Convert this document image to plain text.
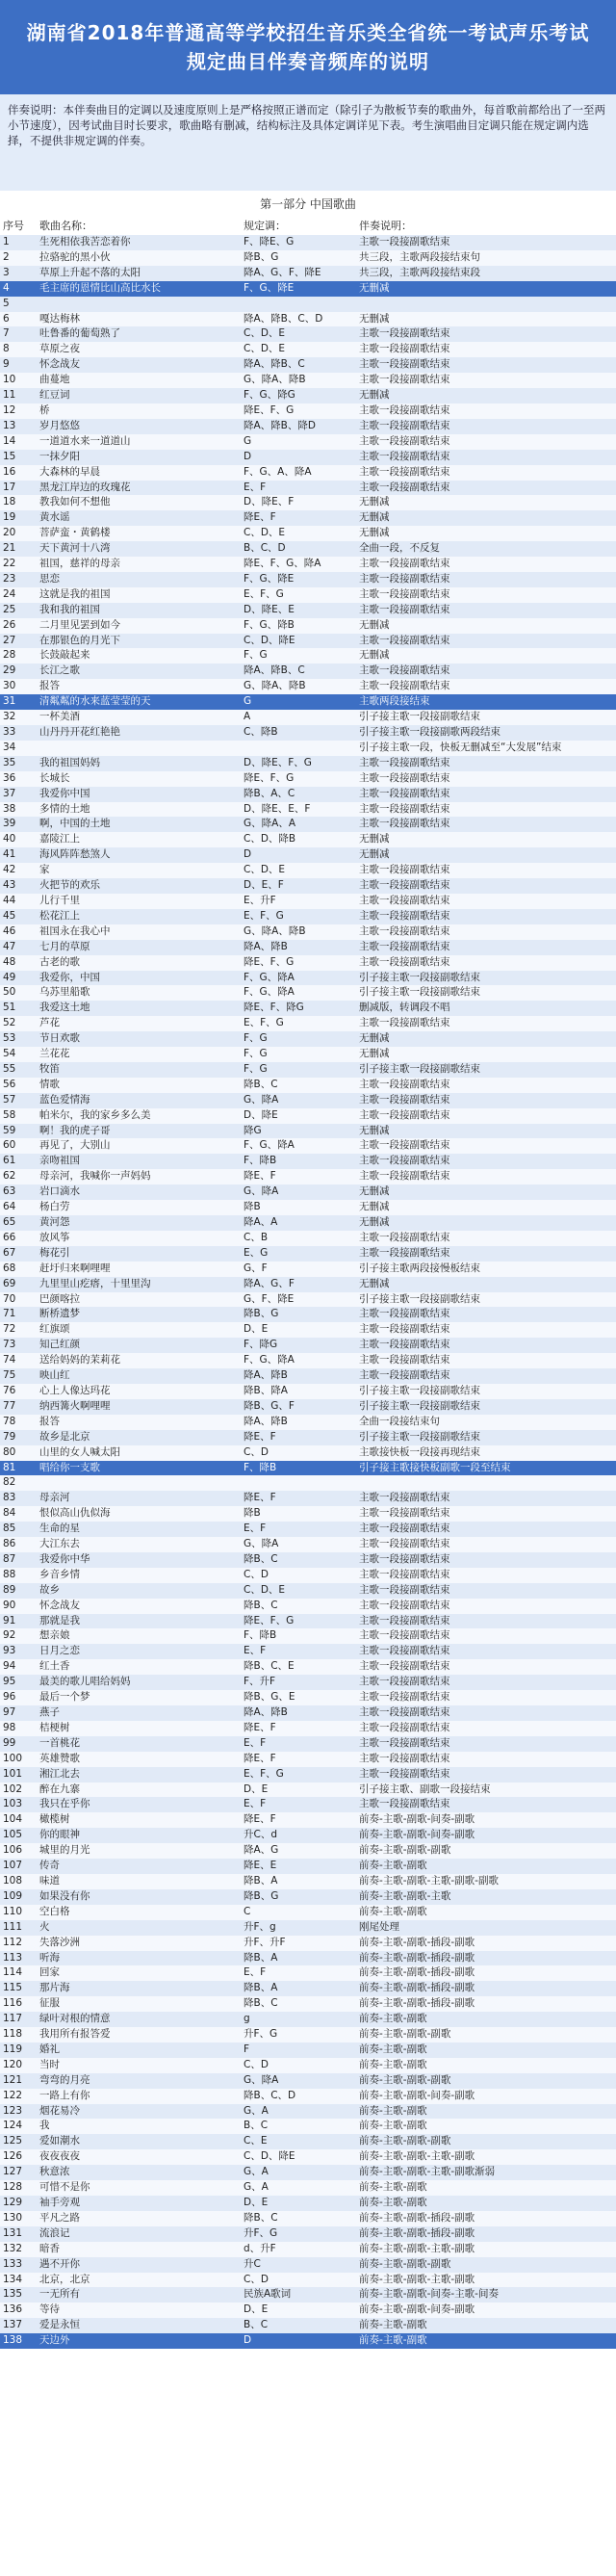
湖南省2018年普通高等学校招生音乐类全省统一考试声乐考试
规定曲目伴奏音频库的说明
伴奏说明：本伴奏曲目的定调以及速度原则上是严格按照正谱而定（除引子为散板节奏的歌曲外，每首歌前都给出了一至两小节速度），因考试曲目时长要求，歌曲略有删减，结构标注及具体定调详见下表。考生演唱曲目定调只能在规定调内选择，不提供非规定调的伴奏。
第一部分 中国歌曲
序号	歌曲名称：	规定调：	伴奏说明：
1	生死相依我苦恋着你	F、降E、G	主歌一段接副歌结束
2	拉骆驼的黑小伙	降B、G	共三段，主歌两段接结束句
3	草原上升起不落的太阳	降A、G、F、降E	共三段，主歌两段接结束段
4	毛主席的恩情比山高比水长	F、G、降E	无删减
5			
6	嘎达梅林	降A、降B、C、D	无删减
7	吐鲁番的葡萄熟了	C、D、E	主歌一段接副歌结束
8	草原之夜	C、D、E	主歌一段接副歌结束
9	怀念战友	降A、降B、C	主歌一段接副歌结束
10	曲蔓地	G、降A、降B	主歌一段接副歌结束
11	红豆词	F、G、降G	无删减
12	桥	降E、F、G	主歌一段接副歌结束
13	岁月悠悠	降A、降B、降D	主歌一段接副歌结束
14	一道道水来一道道山	G	主歌一段接副歌结束
15	一抹夕阳	D	主歌一段接副歌结束
16	大森林的早晨	F、G、A、降A	主歌一段接副歌结束
17	黑龙江岸边的玫瑰花	E、F	主歌一段接副歌结束
18	教我如何不想他	D、降E、F	无删减
19	黄水谣	降E、F	无删减
20	菩萨蛮・黄鹤楼	C、D、E	无删减
21	天下黄河十八湾	B、C、D	全曲一段，不反复
22	祖国，慈祥的母亲	降E、F、G、降A	主歌一段接副歌结束
23	思恋	F、G、降E	主歌一段接副歌结束
24	这就是我的祖国	E、F、G	主歌一段接副歌结束
25	我和我的祖国	D、降E、E	主歌一段接副歌结束
26	二月里见罢到如今	F、G、降B	无删减
27	在那银色的月光下	C、D、降E	主歌一段接副歌结束
28	长鼓敲起来	F、G	无删减
29	长江之歌	降A、降B、C	主歌一段接副歌结束
30	报答	G、降A、降B	主歌一段接副歌结束
31	清粼粼的水来蓝莹莹的天	G	主歌两段接结束
32	一杯美酒	A	引子接主歌一段接副歌结束
33	山丹丹开花红艳艳	C、降B	引子接主歌一段接副歌两段结束
34			引子接主歌一段，快板无删减至“大发展”结束
35	我的祖国妈妈	D、降E、F、G	主歌一段接副歌结束
36	长城长	降E、F、G	主歌一段接副歌结束
37	我爱你中国	降B、A、C	主歌一段接副歌结束
38	多情的土地	D、降E、E、F	主歌一段接副歌结束
39	啊，中国的土地	G、降A、A	主歌一段接副歌结束
40	嘉陵江上	C、D、降B	无删减
41	海风阵阵愁煞人	D	无删减
42	家	C、D、E	主歌一段接副歌结束
43	火把节的欢乐	D、E、F	主歌一段接副歌结束
44	儿行千里	E、升F	主歌一段接副歌结束
45	松花江上	E、F、G	主歌一段接副歌结束
46	祖国永在我心中	G、降A、降B	主歌一段接副歌结束
47	七月的草原	降A、降B	主歌一段接副歌结束
48	古老的歌	降E、F、G	主歌一段接副歌结束
49	我爱你，中国	F、G、降A	引子接主歌一段接副歌结束
50	乌苏里船歌	F、G、降A	引子接主歌一段接副歌结束
51	我爱这土地	降E、F、降G	删减版，转调段不唱
52	芦花	E、F、G	主歌一段接副歌结束
53	节日欢歌	F、G	无删减
54	兰花花	F、G	无删减
55	牧笛	F、G	引子接主歌一段接副歌结束
56	情歌	降B、C	主歌一段接副歌结束
57	蓝色爱情海	G、降A	主歌一段接副歌结束
58	帕米尔，我的家乡多么美	D、降E	主歌一段接副歌结束
59	啊！我的虎子哥	降G	无删减
60	再见了，大别山	F、G、降A	主歌一段接副歌结束
61	亲吻祖国	F、降B	主歌一段接副歌结束
62	母亲河，我喊你一声妈妈	降E、F	主歌一段接副歌结束
63	岩口滴水	G、降A	无删减
64	杨白劳	降B	无删减
65	黄河怨	降A、A	无删减
66	放风筝	C、B	主歌一段接副歌结束
67	梅花引	E、G	主歌一段接副歌结束
68	赶圩归来啊哩哩	G、F	引子接主歌两段接慢板结束
69	九里里山疙瘩，十里里沟	降A、G、F	无删减
70	巴颜喀拉	G、F、降E	引子接主歌一段接副歌结束
71	断桥遗梦	降B、G	主歌一段接副歌结束
72	红旗颂	D、E	主歌一段接副歌结束
73	知己红颜	F、降G	主歌一段接副歌结束
74	送给妈妈的茉莉花	F、G、降A	主歌一段接副歌结束
75	映山红	降A、降B	主歌一段接副歌结束
76	心上人像达玛花	降B、降A	引子接主歌一段接副歌结束
77	纳西篝火啊哩哩	降B、G、F	引子接主歌一段接副歌结束
78	报答	降A、降B	全曲一段接结束句
79	故乡是北京	降E、F	引子接主歌一段接副歌结束
80	山里的女人喊太阳	C、D	主歌接快板一段接再现结束
81	唱给你一支歌	F、降B	引子接主歌接快板副歌一段至结束
82			
83	母亲河	降E、F	主歌一段接副歌结束
84	恨似高山仇似海	降B	主歌一段接副歌结束
85	生命的星	E、F	主歌一段接副歌结束
86	大江东去	G、降A	主歌一段接副歌结束
87	我爱你中华	降B、C	主歌一段接副歌结束
88	乡音乡情	C、D	主歌一段接副歌结束
89	故乡	C、D、E	主歌一段接副歌结束
90	怀念战友	降B、C	主歌一段接副歌结束
91	那就是我	降E、F、G	主歌一段接副歌结束
92	想亲娘	F、降B	主歌一段接副歌结束
93	日月之恋	E、F	主歌一段接副歌结束
94	红土香	降B、C、E	主歌一段接副歌结束
95	最美的歌儿唱给妈妈	F、升F	主歌一段接副歌结束
96	最后一个梦	降B、G、E	主歌一段接副歌结束
97	燕子	降A、降B	主歌一段接副歌结束
98	桔梗树	降E、F	主歌一段接副歌结束
99	一首桃花	E、F	主歌一段接副歌结束
100	英雄赞歌	降E、F	主歌一段接副歌结束
101	湘江北去	E、F、G	主歌一段接副歌结束
102	醉在九寨	D、E	引子接主歌、副歌一段接结束
103	我只在乎你	E、F	主歌一段接副歌结束
104	橄榄树	降E、F	前奏-主歌-副歌-间奏-副歌
105	你的眼神	升C、d	前奏-主歌-副歌-间奏-副歌
106	城里的月光	降A、G	前奏-主歌-副歌-副歌
107	传奇	降E、E	前奏-主歌-副歌
108	味道	降B、A	前奏-主歌-副歌-主歌-副歌-副歌
109	如果没有你	降B、G	前奏-主歌-副歌-主歌
110	空白格	C	前奏-主歌-副歌
111	火	升F、g	刚尾处理
112	失落沙洲	升F、升F	前奏-主歌-副歌-插段-副歌
113	听海	降B、A	前奏-主歌-副歌-插段-副歌
114	回家	E、F	前奏-主歌-副歌-插段-副歌
115	那片海	降B、A	前奏-主歌-副歌-插段-副歌
116	征服	降B、C	前奏-主歌-副歌-插段-副歌
117	绿叶对根的情意	g	前奏-主歌-副歌
118	我用所有报答爱	升F、G	前奏-主歌-副歌-副歌
119	婚礼	F	前奏-主歌-副歌
120	当时	C、D	前奏-主歌-副歌
121	弯弯的月亮	G、降A	前奏-主歌-副歌-副歌
122	一路上有你	降B、C、D	前奏-主歌-副歌-间奏-副歌
123	烟花易冷	G、A	前奏-主歌-副歌
124	我	B、C	前奏-主歌-副歌
125	爱如潮水	C、E	前奏-主歌-副歌-副歌
126	夜夜夜夜	C、D、降E	前奏-主歌-副歌-主歌-副歌
127	秋意浓	G、A	前奏-主歌-副歌-主歌-副歌渐弱
128	可惜不是你	G、A	前奏-主歌-副歌
129	袖手旁观	D、E	前奏-主歌-副歌
130	平凡之路	降B、C	前奏-主歌-副歌-插段-副歌
131	流浪记	升F、G	前奏-主歌-副歌-插段-副歌
132	暗香	d、升F	前奏-主歌-副歌-主歌-副歌
133	遇不开你	升C	前奏-主歌-副歌-副歌
134	北京，北京	C、D	前奏-主歌-副歌-主歌-副歌
135	一无所有	民族A歌词	前奏-主歌-副歌-间奏-主歌-间奏
136	等待	D、E	前奏-主歌-副歌-间奏-副歌
137	爱是永恒	B、C	前奏-主歌-副歌
138	天边外	D	前奏-主歌-副歌
